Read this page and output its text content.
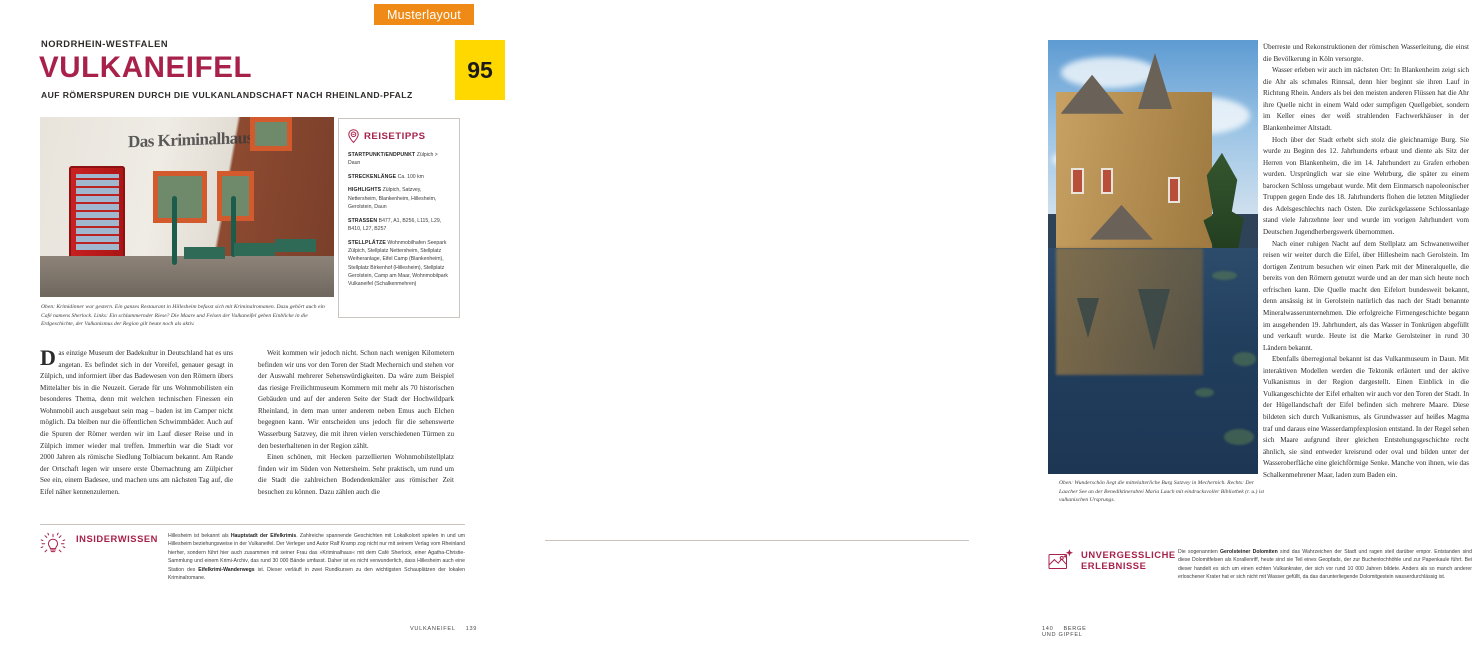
Musterlayout
NORDRHEIN-WESTFALEN
VULKANEIFEL
AUF RÖMERSPUREN DURCH DIE VULKANLANDSCHAFT NACH RHEINLAND-PFALZ
Das Kriminalhaus
Oben: Krimidinner war gestern. Ein ganzes Restaurant in Hillesheim befasst sich mit Kriminalromanen. Dazu gehört auch ein Café namens Sherlock. Links: Ein schlummernder Riese? Die Maare und Felsen der Vulkaneifel geben Einblicke in die Erdgeschichte, der Vulkanismus der Region gilt heute noch als aktiv.
REISETIPPS
STARTPUNKT/ENDPUNKT Zülpich > Daun
STRECKENLÄNGE Ca. 100 km
HIGHLIGHTS Zülpich, Satzvey, Nettersheim, Blankenheim, Hillesheim, Gerolstein, Daun
STRASSEN B477, A1, B256, L115, L29, B410, L27, B257
STELLPLÄTZE Wohnmobilhafen Seepark Zülpich, Stellplatz Nettersheim, Stellplatz Weiheranlage, Eifel Camp (Blankenheim), Stellplatz Birkenhof (Hillesheim), Stellplatz Gerolstein, Camp am Maar, Wohnmobilpark Vulkaneifel (Schalkenmehren)
D as einzige Museum der Badekultur in Deutschland hat es uns angetan. Es befindet sich in der Voreifel, genauer gesagt in Zülpich, und informiert über das Badewesen von den Römern übers Mittelalter bis in die Neuzeit. Gerade für uns Wohnmobilisten ein besonderes Thema, denn mit welchen technischen Finessen ein Wohnmobil auch ausgebaut sein mag – baden ist im Camper nicht möglich. Da bleiben nur die öffentlichen Schwimmbäder. Auch auf die Spuren der Römer werden wir im Lauf dieser Reise und in Zülpich immer wieder mal treffen. Immerhin war die Stadt vor 2000 Jahren als römische Siedlung Tolbiacum bekannt. Am Rande der Ortschaft legen wir unsere erste Übernachtung am Zülpicher See ein, einem Badesee, und machen uns am nächsten Tag auf, die Eifel näher kennenzulernen.

Weit kommen wir jedoch nicht. Schon nach wenigen Kilometern befinden wir uns vor den Toren der Stadt Mechernich und stehen vor der Auswahl mehrerer Sehenswürdigkeiten. Da wäre zum Beispiel das riesige Freilichtmuseum Kommern mit mehr als 70 historischen Gebäuden und auf der anderen Seite der Stadt der Hochwildpark Rheinland, in dem man unter anderem neben Emus auch Elchen begegnen kann. Wir entscheiden uns jedoch für die sehenswerte Wasserburg Satzvey, die mit ihren vielen verschiedenen Türmen zu den besterhaltenen in der Region zählt.

Einen schönen, mit Hecken parzellierten Wohnmobilstellplatz finden wir im Süden von Nettersheim. Sehr praktisch, um rund um die Stadt die zahlreichen Bodendenkmäler aus römischer Zeit besuchen zu können. Dazu zählen auch die

INSIDERWISSEN	Hillesheim ist bekannt als Hauptstadt der Eifelkrimis. Zahlreiche spannende Geschichten mit Lokalkolorit spielen in und um Hillesheim beziehungsweise in der Vulkaneifel. Der Verleger und Autor Ralf Kramp zog nicht nur mit seinem Verlag vom Rheinland hierher, sondern führt hier auch zusammen mit seiner Frau das »Kriminalhaus« mit dem Café Sherlock, einer Agatha-Christie-Sammlung und einem Krimi-Archiv, das rund 30 000 Bände umfasst. Daher ist es nicht verwunderlich, dass Hillesheim auch eine Station des Eifelkrimi-Wanderwegs ist. Dieser verläuft in zwei Rundkursen zu den wichtigsten Schauplätzen der lokalen Kriminalromane.
VULKANEIFEL 139
95
Oben: Wunderschön liegt die mittelalterliche Burg Satzvey in Mechernich. Rechts: Der Laacher See an der Benediktinerabtei Maria Laach mit eindrucksvoller Bibliothek (r. u.) ist vulkanischen Ursprungs.

Überreste und Rekonstruktionen der römischen Wasserleitung, die einst die Bevölkerung in Köln versorgte.

Wasser erleben wir auch im nächsten Ort: In Blankenheim zeigt sich die Ahr als schmales Rinnsal, denn hier beginnt sie ihren Lauf in Richtung Rhein. Anders als bei den meisten anderen Flüssen hat die Ahr ihre Quelle nicht in einem Wald oder sumpfigen Quellgebiet, sondern im Keller eines der weiß strahlenden Fachwerkhäuser in der Blankenheimer Altstadt.

Hoch über der Stadt erhebt sich stolz die gleichnamige Burg. Sie wurde zu Beginn des 12. Jahrhunderts erbaut und diente als Sitz der Herren von Blankenheim, die im 14. Jahrhundert zu Grafen erhoben wurden. Ursprünglich war sie eine Wehrburg, die später zu einem barocken Schloss umgebaut wurde. Mit dem Einmarsch napoleonischer Truppen gegen Ende des 18. Jahrhunderts flohen die letzten Mitglieder des Adelsgeschlechts nach Osten. Die zurückgelassene Schlossanlage stand viele Jahrzehnte leer und wurde im vorigen Jahrhundert vom Deutschen Jugendherbergswerk übernommen.

Nach einer ruhigen Nacht auf dem Stellplatz am Schwanenweiher reisen wir weiter durch die Eifel, über Hillesheim nach Gerolstein. Im dortigen Zentrum besuchen wir einen Park mit der Mineralquelle, die bereits von den Römern genutzt wurde und an der man sich heute noch erfrischen kann. Die Quelle macht den Eifelort bundesweit bekannt, denn ansässig ist in Gerolstein natürlich das nach der Stadt benannte Mineralwasserunternehmen. Die erfolgreiche Firmengeschichte begann im ausgehenden 19. Jahrhundert, als das Wasser in Tonkrügen abgefüllt und verkauft wurde. Heute ist die Marke Gerolsteiner in rund 30 Ländern bekannt.

Ebenfalls überregional bekannt ist das Vulkanmuseum in Daun. Mit interaktiven Modellen werden die Tektonik erläutert und der aktive Vulkanismus in der Region dargestellt. Einen Einblick in die Vulkangeschichte der Eifel erhalten wir auch vor den Toren der Stadt. In der Hügellandschaft der Eifel befinden sich mehrere Maare. Diese bildeten sich durch Vulkanismus, als Grundwasser auf heißes Magma traf und daraus eine Wasserdampfexplosion entstand. In der Regel sehen sich Maare aufgrund ihrer gleichen Entstehungsgeschichte recht ähnlich, sie sind entweder kreisrund oder oval und bilden unter der Wasseroberfläche eine gleichförmige Senke. Manche von ihnen, wie das Schalkenmehrener Maar, laden zum Baden ein.

UNVERGESSLICHE
ERLEBNISSE
Die sogenannten Gerolsteiner Dolomiten sind das Wahrzeichen der Stadt und ragen steil darüber empor. Entstanden sind diese Dolomitfelsen als Korallenriff, heute sind sie Teil eines Geopfads, der zur Buchenlochhöhle und zur Papenkaule führt. Bei dieser handelt es sich um einen echten Vulkankrater, der sich vor rund 10 000 Jahren bildete. Anders als so manch anderer erloschener Krater hat er sich nicht mit Wasser gefüllt, da das darunterliegende Dolomitgestein wasserdurchlässig ist.
140 BERGE UND GIPFEL
